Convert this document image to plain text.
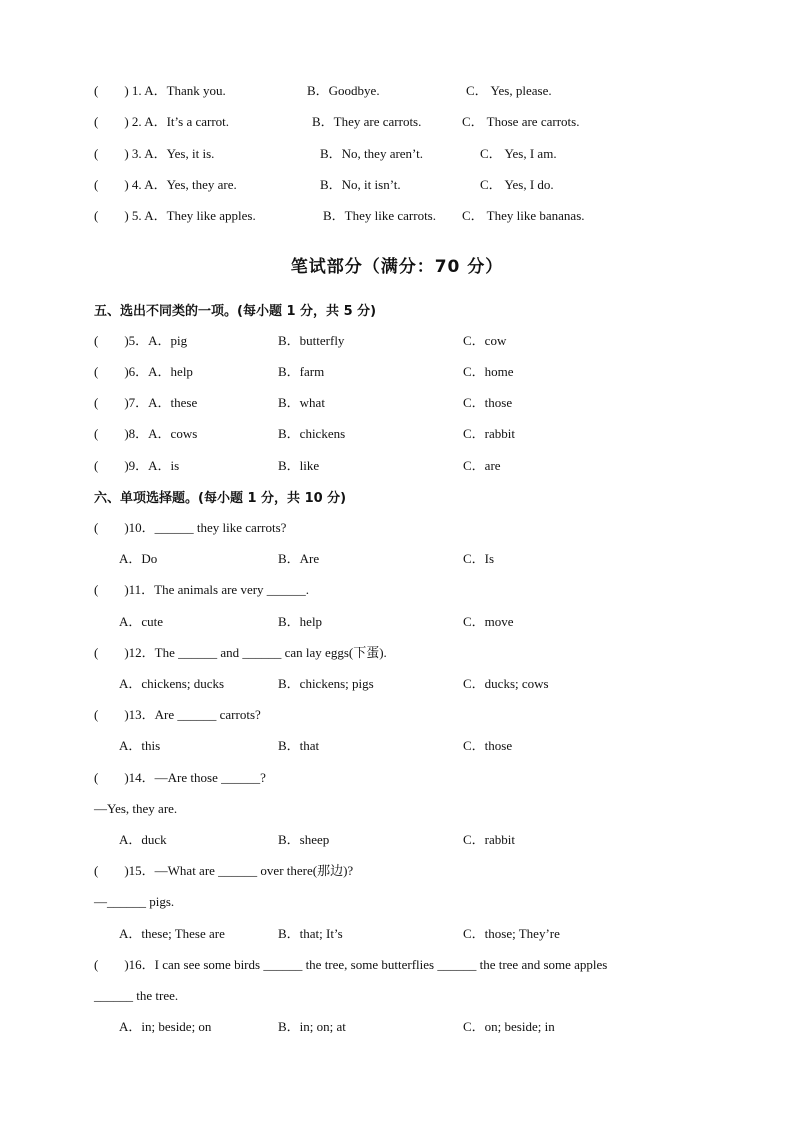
(　　) 1. A．Thank you.	B．Goodbye.	C． Yes, please.
(　　) 2. A．It’s a carrot.	B．They are carrots.	C． Those are carrots.
(　　) 3. A．Yes, it is.	B．No, they aren’t.	C． Yes, I am.
(　　) 4. A．Yes, they are.	B．No, it isn’t.	C． Yes, I do.
(　　) 5. A．They like apples.	B．They like carrots. C． They like bananas.
笔试部分（满分：70 分）
五、选出不同类的一项。(每小题 1 分，共 5 分)
(　　)5．A．pig	B．butterfly	C．cow
(　　)6．A．help	B．farm	C．home
(　　)7．A．these	B．what	C．those
(　　)8．A．cows	B．chickens	C．rabbit
(　　)9．A．is	B．like	C．are
六、单项选择题。(每小题 1 分，共 10 分)
(　　)10．______ they like carrots?
A．Do	B．Are	C．Is
(　　)11．The animals are very ______.
A．cute	B．help	C．move
(　　)12．The ______ and ______ can lay eggs(下蛋).
A．chickens; ducks	B．chickens; pigs	C．ducks; cows
(　　)13．Are ______ carrots?
A．this	B．that	C．those
(　　)14．—Are those ______?
—Yes, they are.
A．duck	B．sheep	C．rabbit
(　　)15．—What are ______ over there(那边)?
—______ pigs.
A．these; These are	B．that; It’s	C．those; They’re
(　　)16．I can see some birds ______ the tree, some butterflies ______ the tree and some apples
______ the tree.
A．in; beside; on	B．in; on; at	C．on; beside; in
